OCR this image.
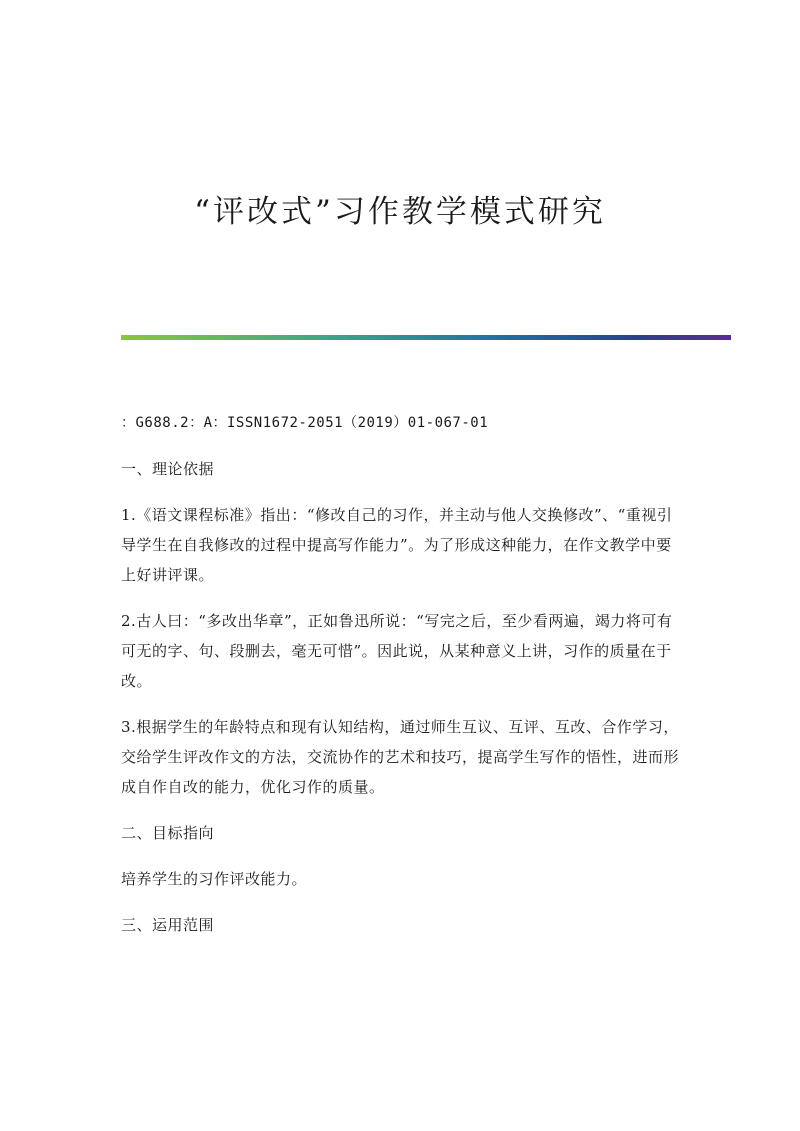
“评改式”习作教学模式研究

：G688.2：A：ISSN1672-2051（2019）01-067-01

一、理论依据

1.《语文课程标准》指出：“修改自己的习作，并主动与他人交换修改”、“重视引导学生在自我修改的过程中提高写作能力”。为了形成这种能力，在作文教学中要上好讲评课。

2.古人曰：“多改出华章”，正如鲁迅所说：“写完之后，至少看两遍，竭力将可有可无的字、句、段删去，毫无可惜”。因此说，从某种意义上讲，习作的质量在于改。

3.根据学生的年龄特点和现有认知结构，通过师生互议、互评、互改、合作学习，交给学生评改作文的方法，交流协作的艺术和技巧，提高学生写作的悟性，进而形成自作自改的能力，优化习作的质量。

二、目标指向

培养学生的习作评改能力。

三、运用范围
